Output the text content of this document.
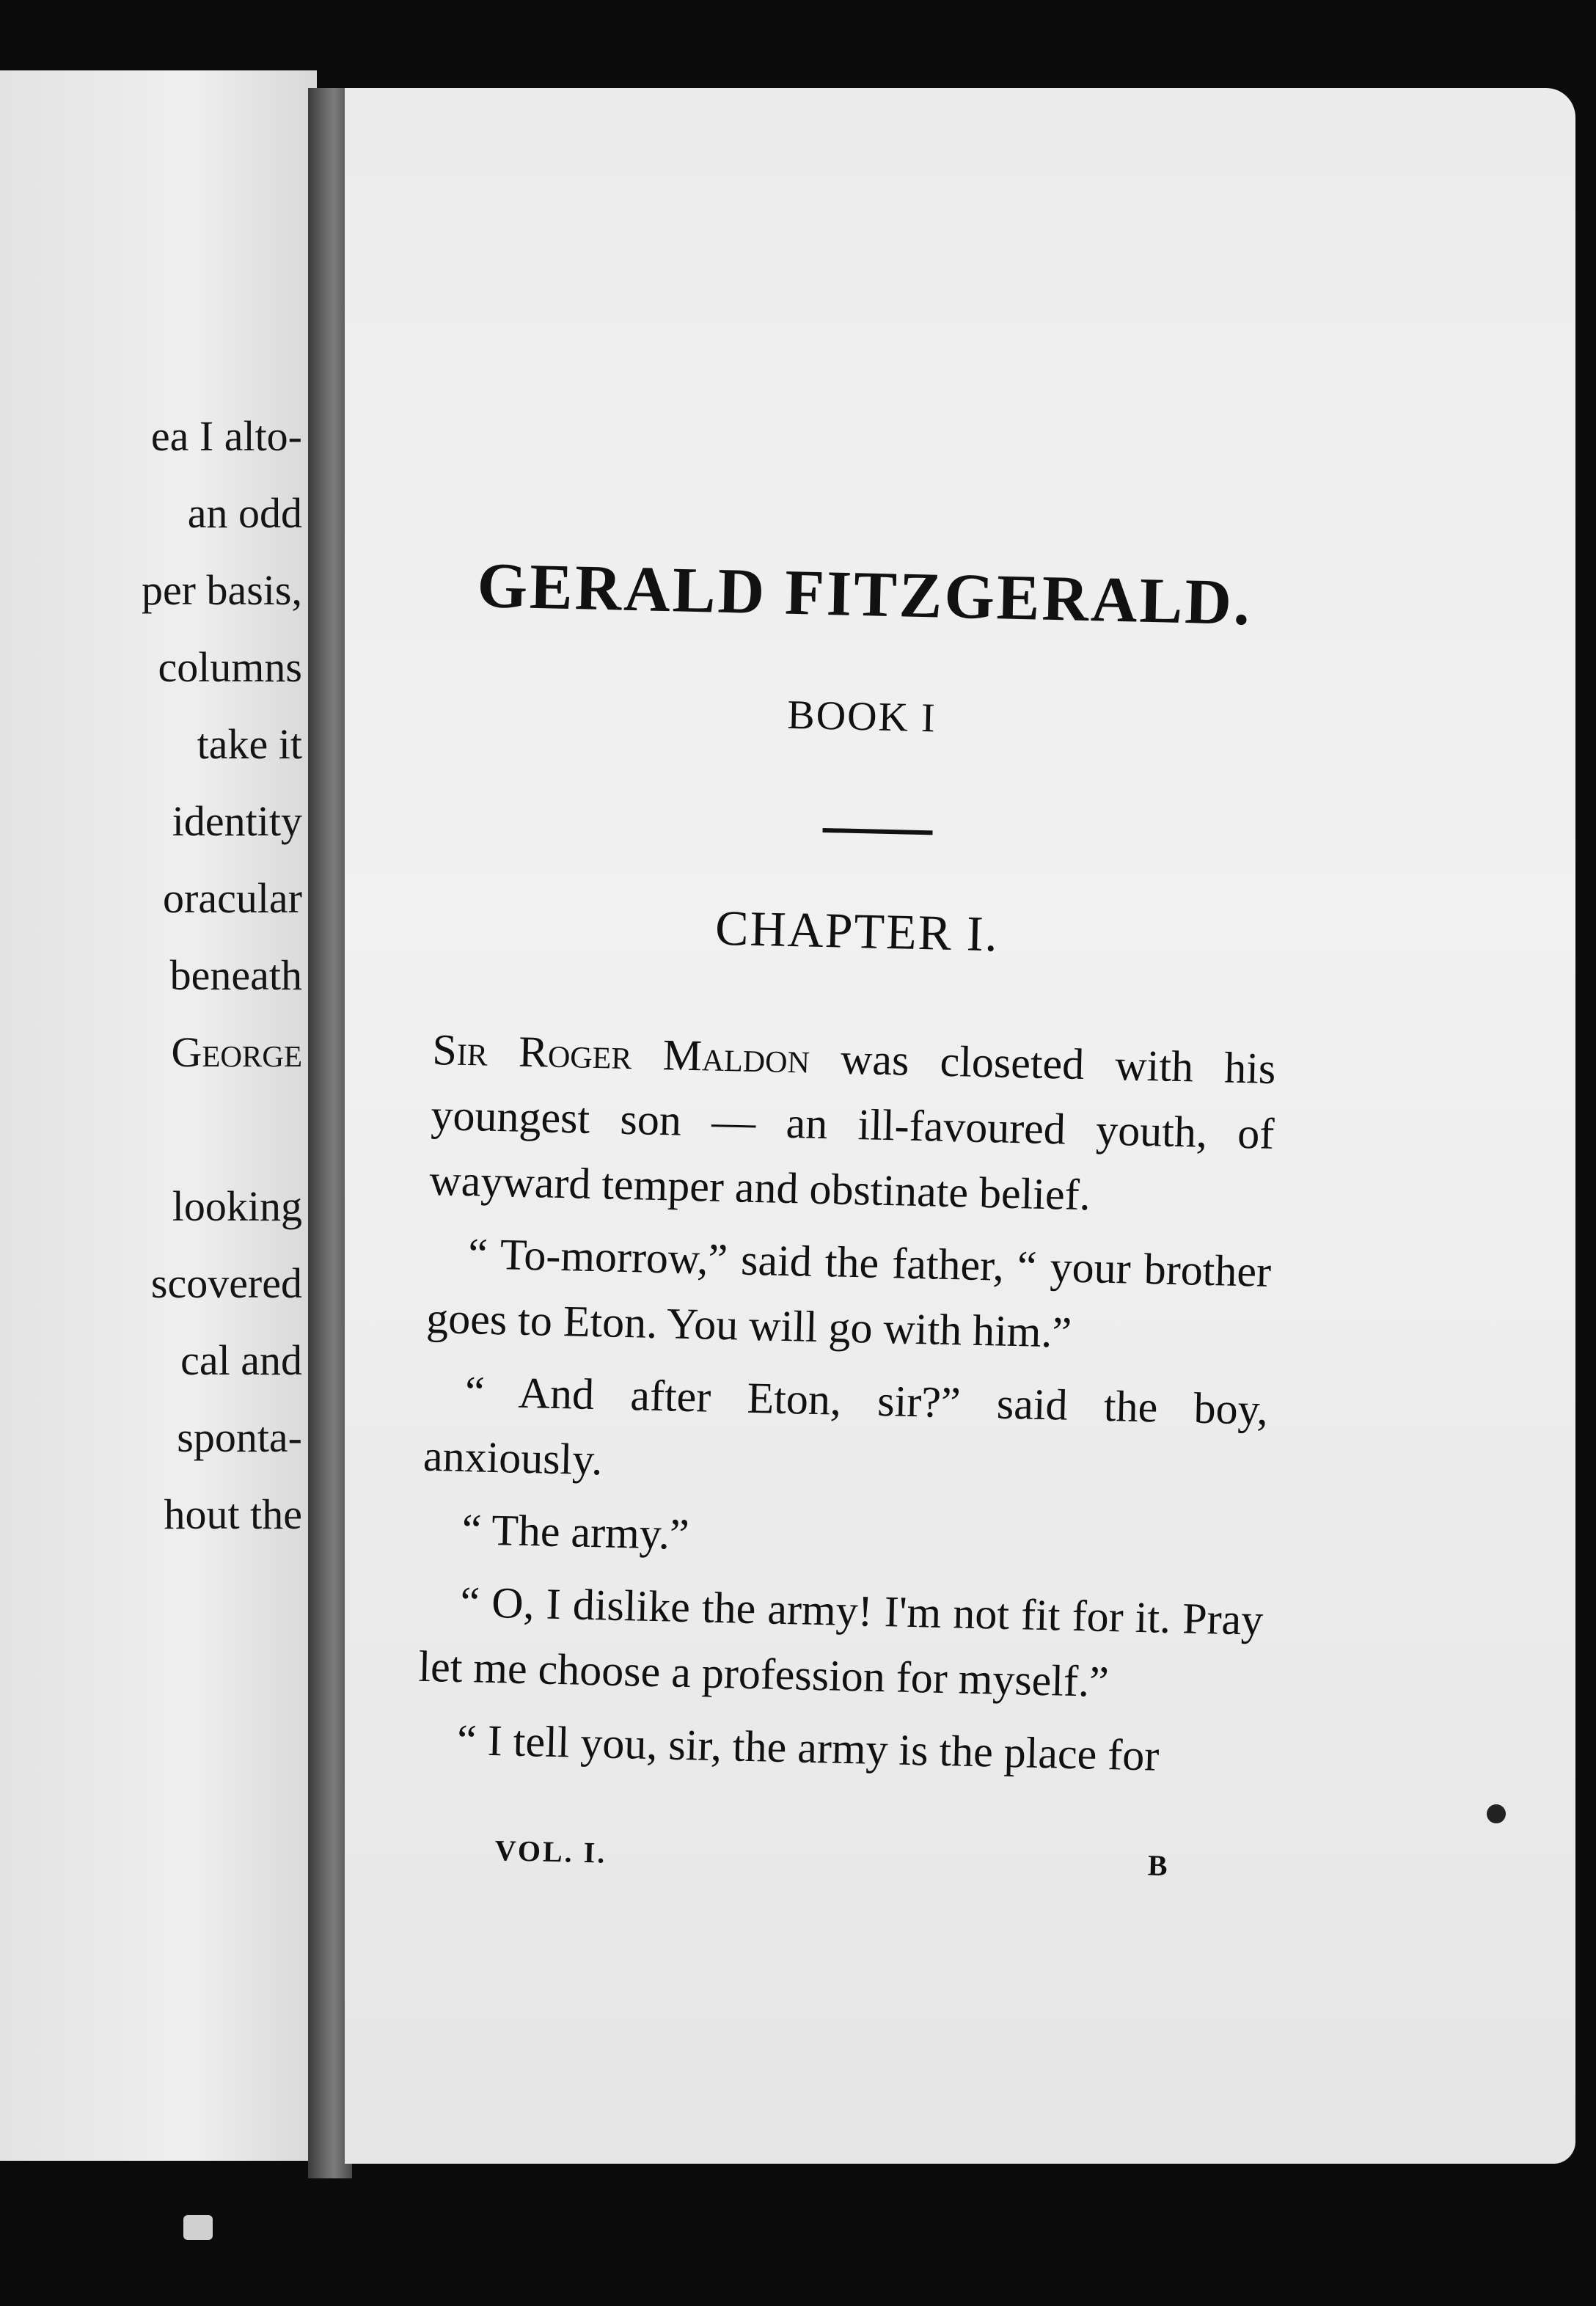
ea I alto-
an odd
per basis,
columns
take it
identity
oracular
beneath
George
looking
scovered
cal and
sponta-
hout the
GERALD FITZGERALD.
BOOK I
CHAPTER I.

Sir Roger Maldon was closeted with his youngest son — an ill-favoured youth, of wayward temper and obstinate belief.

“ To-morrow,” said the father, “ your brother goes to Eton. You will go with him.”

“ And after Eton, sir?” said the boy, anxiously.

“ The army.”

“ O, I dislike the army! I'm not fit for it. Pray let me choose a profession for myself.”

“ I tell you, sir, the army is the place for

VOL. I.	B
